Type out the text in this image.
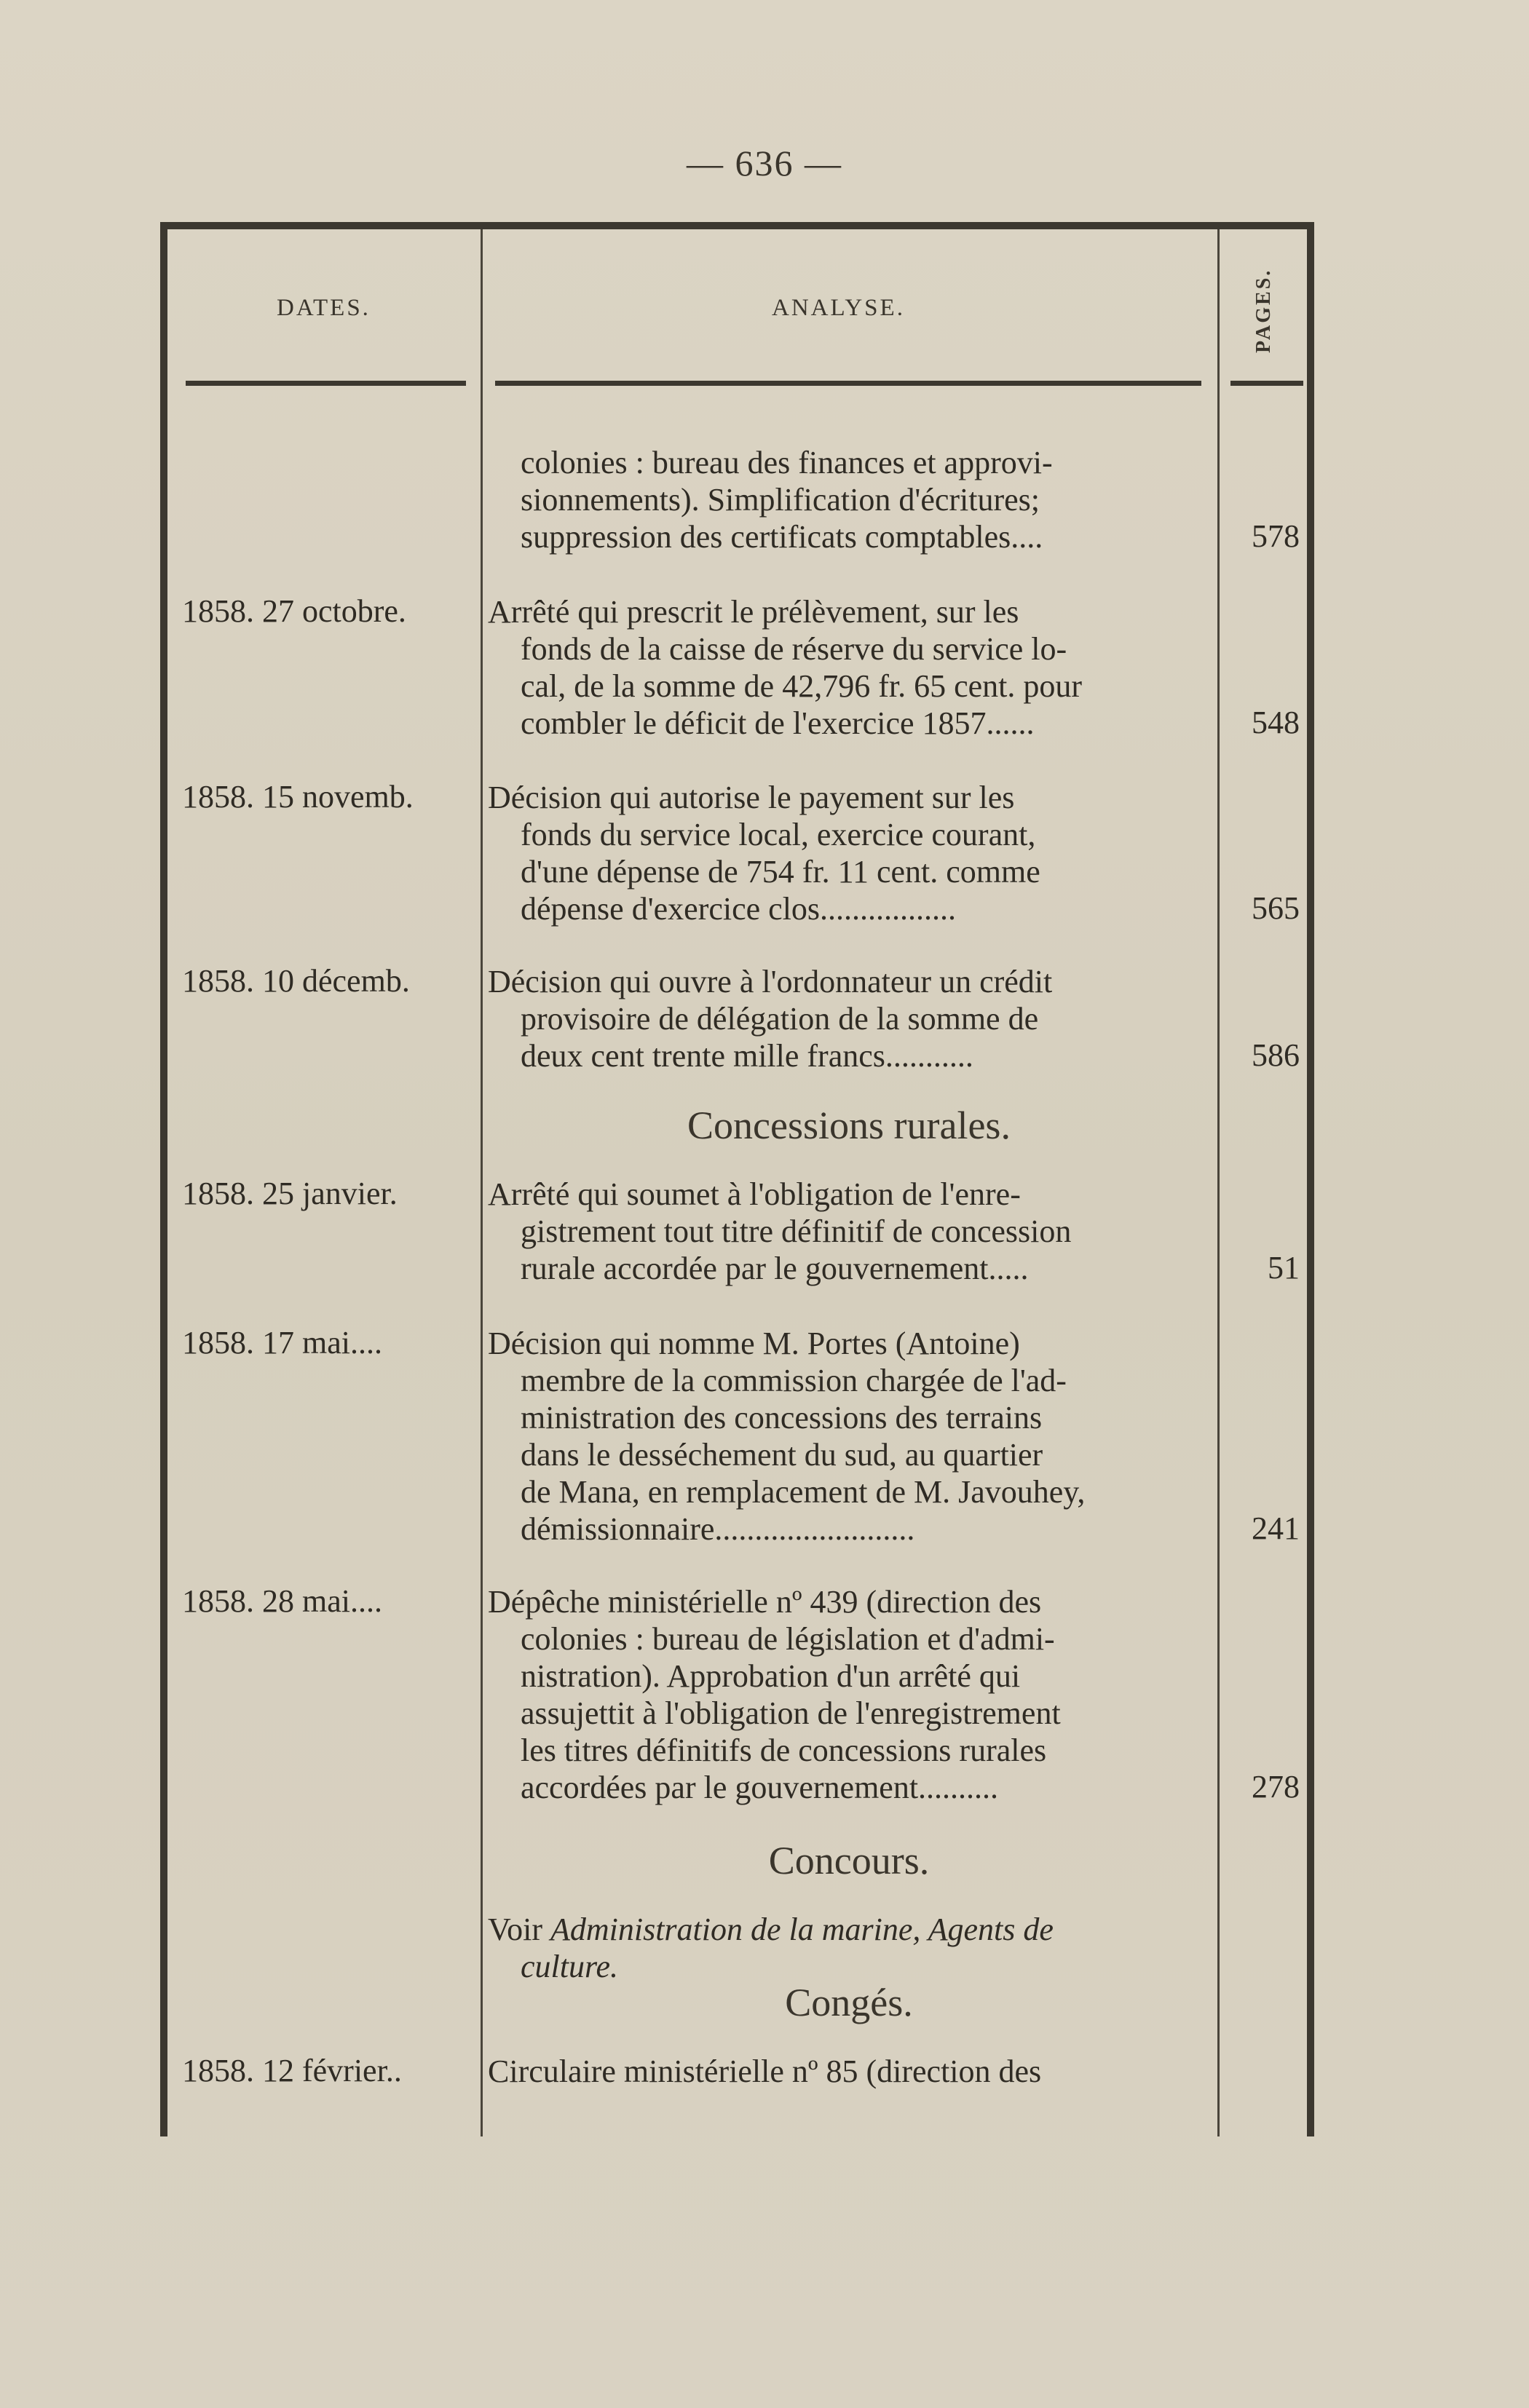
— 636 —
DATES.	ANALYSE.	PAGES.
colonies : bureau des finances et approvi-
sionnements). Simplification d'écritures;
suppression des certificats comptables....	578
1858. 27 octobre.	Arrêté qui prescrit le prélèvement, sur les
fonds de la caisse de réserve du service lo-
cal, de la somme de 42,796 fr. 65 cent. pour
combler le déficit de l'exercice 1857......	548
1858. 15 novemb. Décision qui autorise le payement sur les
fonds du service local, exercice courant,
d'une dépense de 754 fr. 11 cent. comme
dépense d'exercice clos.................	565
1858. 10 décemb. Décision qui ouvre à l'ordonnateur un crédit
provisoire de délégation de la somme de
deux cent trente mille francs...........	586
Concessions rurales.
1858. 25 janvier.	Arrêté qui soumet à l'obligation de l'enre-
gistrement tout titre définitif de concession
rurale accordée par le gouvernement.....	51
1858. 17 mai....	Décision qui nomme M. Portes (Antoine)
membre de la commission chargée de l'ad-
ministration des concessions des terrains
dans le desséchement du sud, au quartier
de Mana, en remplacement de M. Javouhey,
démissionnaire.........................	241
1858. 28 mai....	Dépêche ministérielle nº 439 (direction des
colonies : bureau de législation et d'admi-
nistration). Approbation d'un arrêté qui
assujettit à l'obligation de l'enregistrement
les titres définitifs de concessions rurales
accordées par le gouvernement..........	278
Concours.
Voir Administration de la marine, Agents de
culture.
Congés.
1858. 12 février..	Circulaire ministérielle nº 85 (direction des
